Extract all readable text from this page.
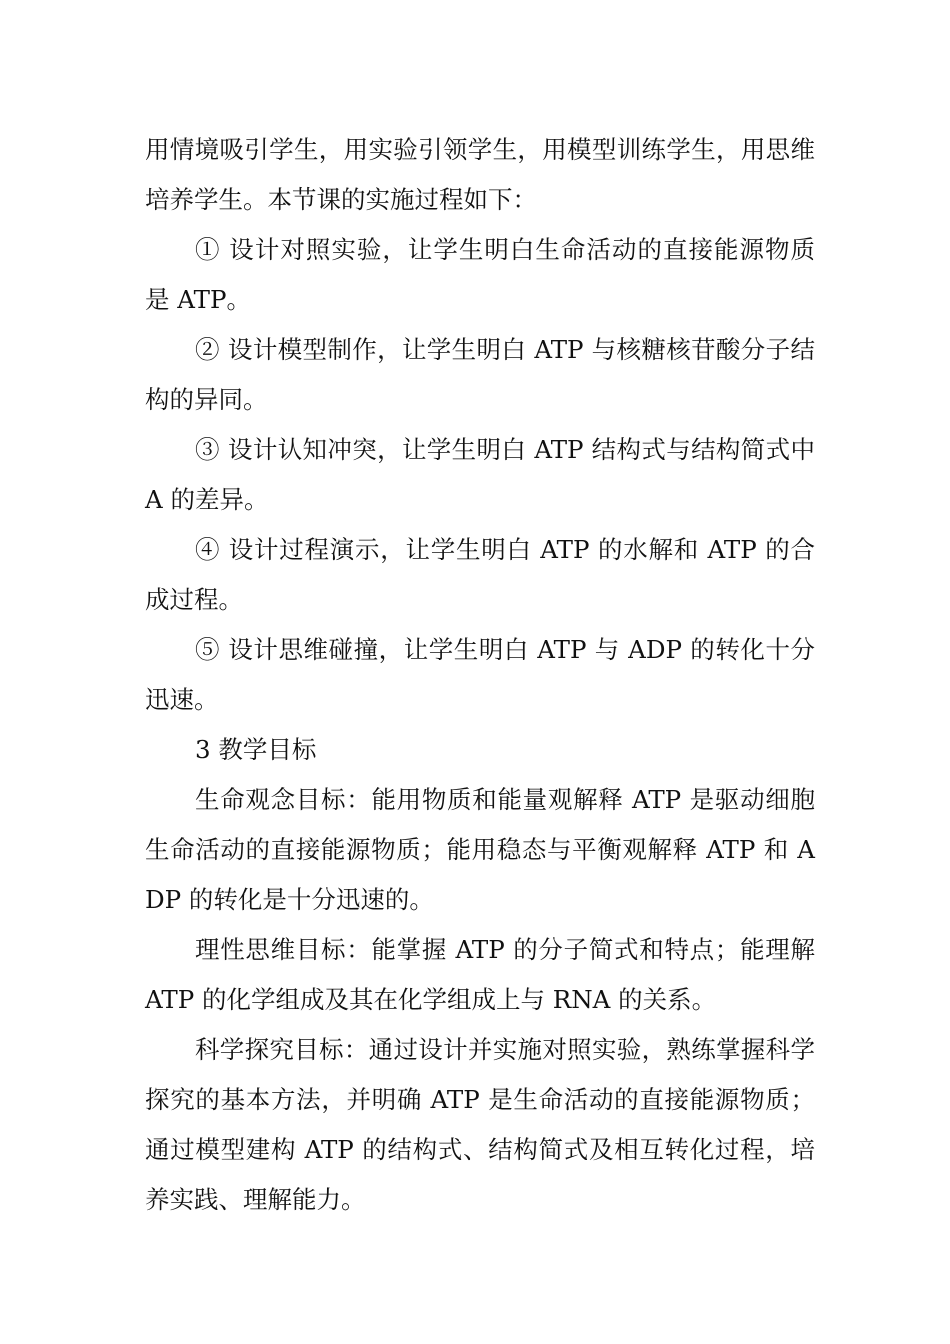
用情境吸引学生，用实验引领学生，用模型训练学生，用思维培养学生。本节课的实施过程如下：

① 设计对照实验，让学生明白生命活动的直接能源物质是 ATP。

② 设计模型制作，让学生明白 ATP 与核糖核苷酸分子结构的异同。

③ 设计认知冲突，让学生明白 ATP 结构式与结构简式中 A 的差异。

④ 设计过程演示，让学生明白 ATP 的水解和 ATP 的合成过程。

⑤ 设计思维碰撞，让学生明白 ATP 与 ADP 的转化十分迅速。

3 教学目标

生命观念目标：能用物质和能量观解释 ATP 是驱动细胞生命活动的直接能源物质；能用稳态与平衡观解释 ATP 和 ADP 的转化是十分迅速的。

理性思维目标：能掌握 ATP 的分子简式和特点；能理解 ATP 的化学组成及其在化学组成上与 RNA 的关系。

科学探究目标：通过设计并实施对照实验，熟练掌握科学探究的基本方法，并明确 ATP 是生命活动的直接能源物质；通过模型建构 ATP 的结构式、结构简式及相互转化过程，培养实践、理解能力。
